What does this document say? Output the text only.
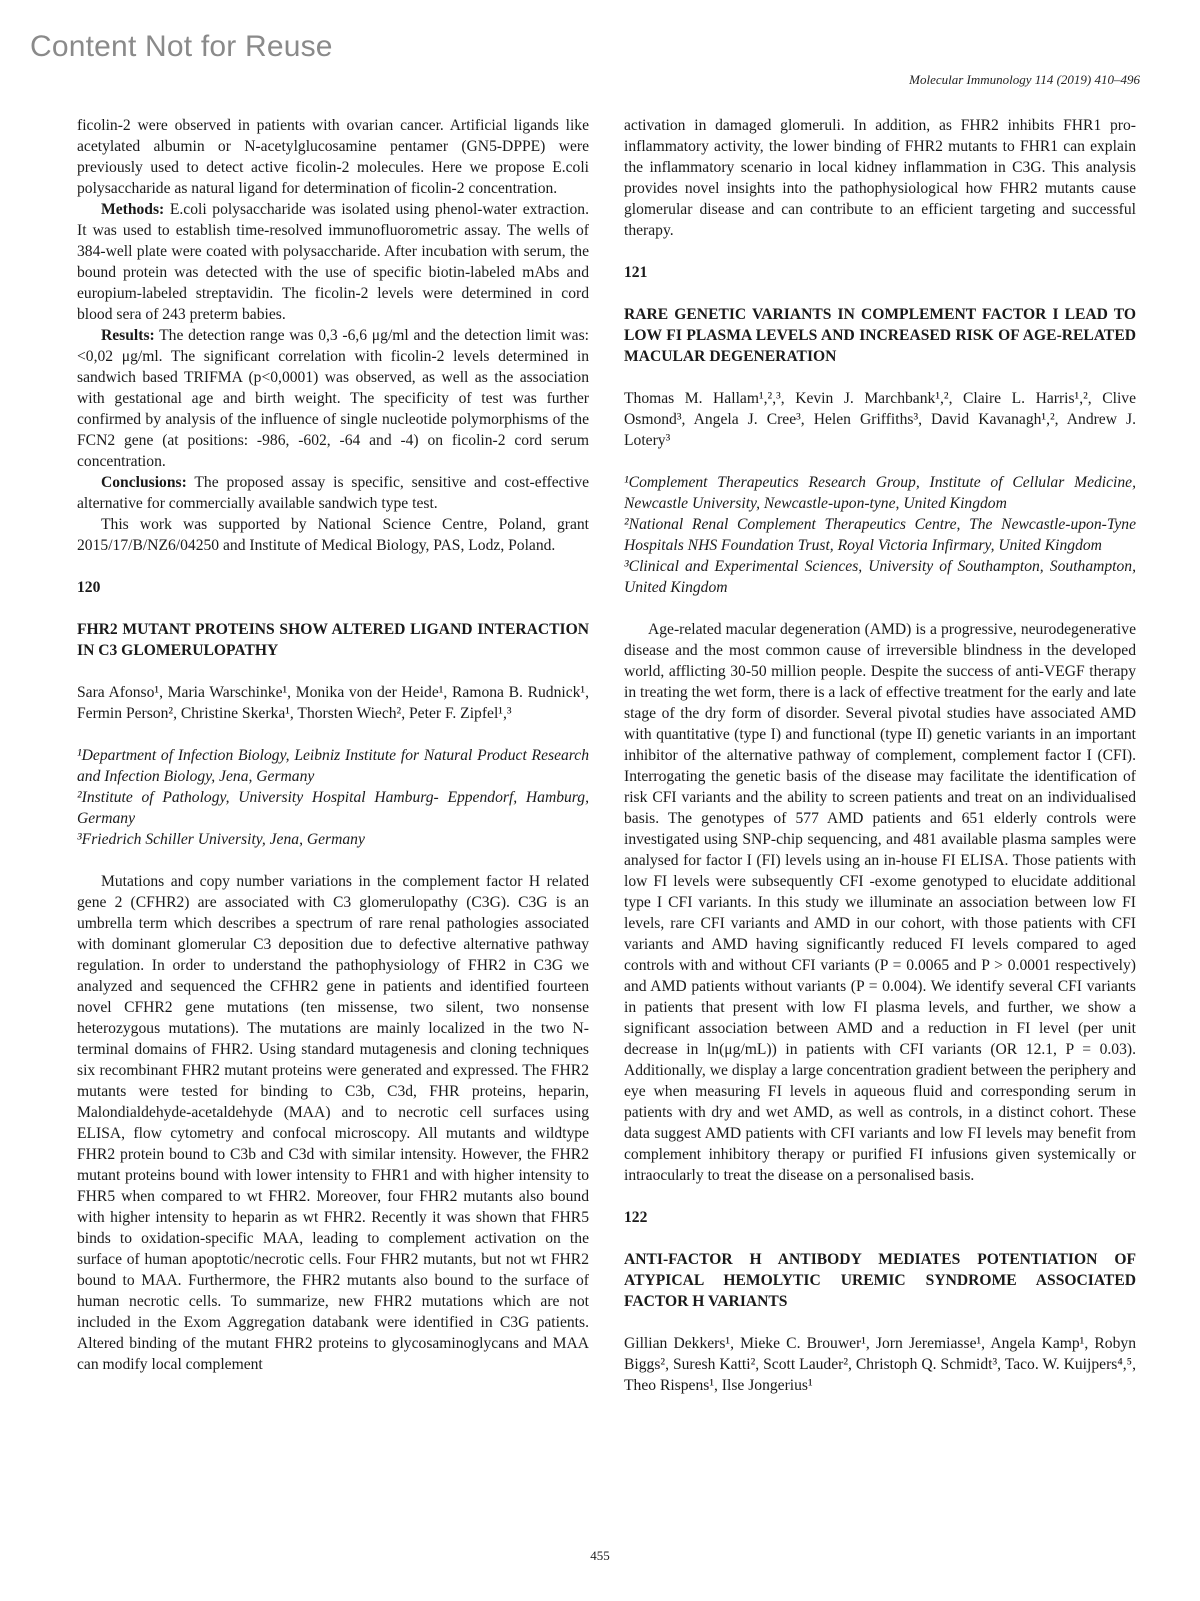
Content Not for Reuse
Molecular Immunology 114 (2019) 410–496

ficolin-2 were observed in patients with ovarian cancer. Artificial ligands like acetylated albumin or N-acetylglucosamine pentamer (GN5-DPPE) were previously used to detect active ficolin-2 molecules. Here we propose E.coli polysaccharide as natural ligand for determination of ficolin-2 concentration.

Methods: E.coli polysaccharide was isolated using phenol-water extraction. It was used to establish time-resolved immunofluorometric assay. The wells of 384-well plate were coated with polysaccharide. After incubation with serum, the bound protein was detected with the use of specific biotin-labeled mAbs and europium-labeled streptavidin. The ficolin-2 levels were determined in cord blood sera of 243 preterm babies.

Results: The detection range was 0,3 -6,6 μg/ml and the detection limit was: <0,02 μg/ml. The significant correlation with ficolin-2 levels determined in sandwich based TRIFMA (p<0,0001) was observed, as well as the association with gestational age and birth weight. The specificity of test was further confirmed by analysis of the influence of single nucleotide polymorphisms of the FCN2 gene (at positions: -986, -602, -64 and -4) on ficolin-2 cord serum concentration.

Conclusions: The proposed assay is specific, sensitive and cost-effective alternative for commercially available sandwich type test.

This work was supported by National Science Centre, Poland, grant 2015/17/B/NZ6/04250 and Institute of Medical Biology, PAS, Lodz, Poland.

120

FHR2 MUTANT PROTEINS SHOW ALTERED LIGAND INTERACTION IN C3 GLOMERULOPATHY

Sara Afonso¹, Maria Warschinke¹, Monika von der Heide¹, Ramona B. Rudnick¹, Fermin Person², Christine Skerka¹, Thorsten Wiech², Peter F. Zipfel¹,³

¹Department of Infection Biology, Leibniz Institute for Natural Product Research and Infection Biology, Jena, Germany

²Institute of Pathology, University Hospital Hamburg- Eppendorf, Hamburg, Germany

³Friedrich Schiller University, Jena, Germany

Mutations and copy number variations in the complement factor H related gene 2 (CFHR2) are associated with C3 glomerulopathy (C3G). C3G is an umbrella term which describes a spectrum of rare renal pathologies associated with dominant glomerular C3 deposition due to defective alternative pathway regulation. In order to understand the pathophysiology of FHR2 in C3G we analyzed and sequenced the CFHR2 gene in patients and identified fourteen novel CFHR2 gene mutations (ten missense, two silent, two nonsense heterozygous mutations). The mutations are mainly localized in the two N-terminal domains of FHR2. Using standard mutagenesis and cloning techniques six recombinant FHR2 mutant proteins were generated and expressed. The FHR2 mutants were tested for binding to C3b, C3d, FHR proteins, heparin, Malondialdehyde-acetaldehyde (MAA) and to necrotic cell surfaces using ELISA, flow cytometry and confocal microscopy. All mutants and wildtype FHR2 protein bound to C3b and C3d with similar intensity. However, the FHR2 mutant proteins bound with lower intensity to FHR1 and with higher intensity to FHR5 when compared to wt FHR2. Moreover, four FHR2 mutants also bound with higher intensity to heparin as wt FHR2. Recently it was shown that FHR5 binds to oxidation-specific MAA, leading to complement activation on the surface of human apoptotic/necrotic cells. Four FHR2 mutants, but not wt FHR2 bound to MAA. Furthermore, the FHR2 mutants also bound to the surface of human necrotic cells. To summarize, new FHR2 mutations which are not included in the Exom Aggregation databank were identified in C3G patients. Altered binding of the mutant FHR2 proteins to glycosaminoglycans and MAA can modify local complement

activation in damaged glomeruli. In addition, as FHR2 inhibits FHR1 pro-inflammatory activity, the lower binding of FHR2 mutants to FHR1 can explain the inflammatory scenario in local kidney inflammation in C3G. This analysis provides novel insights into the pathophysiological how FHR2 mutants cause glomerular disease and can contribute to an efficient targeting and successful therapy.

121

RARE GENETIC VARIANTS IN COMPLEMENT FACTOR I LEAD TO LOW FI PLASMA LEVELS AND INCREASED RISK OF AGE-RELATED MACULAR DEGENERATION

Thomas M. Hallam¹,²,³, Kevin J. Marchbank¹,², Claire L. Harris¹,², Clive Osmond³, Angela J. Cree³, Helen Griffiths³, David Kavanagh¹,², Andrew J. Lotery³

¹Complement Therapeutics Research Group, Institute of Cellular Medicine, Newcastle University, Newcastle-upon-tyne, United Kingdom

²National Renal Complement Therapeutics Centre, The Newcastle-upon-Tyne Hospitals NHS Foundation Trust, Royal Victoria Infirmary, United Kingdom

³Clinical and Experimental Sciences, University of Southampton, Southampton, United Kingdom

Age-related macular degeneration (AMD) is a progressive, neurodegenerative disease and the most common cause of irreversible blindness in the developed world, afflicting 30-50 million people. Despite the success of anti-VEGF therapy in treating the wet form, there is a lack of effective treatment for the early and late stage of the dry form of disorder. Several pivotal studies have associated AMD with quantitative (type I) and functional (type II) genetic variants in an important inhibitor of the alternative pathway of complement, complement factor I (CFI). Interrogating the genetic basis of the disease may facilitate the identification of risk CFI variants and the ability to screen patients and treat on an individualised basis. The genotypes of 577 AMD patients and 651 elderly controls were investigated using SNP-chip sequencing, and 481 available plasma samples were analysed for factor I (FI) levels using an in-house FI ELISA. Those patients with low FI levels were subsequently CFI -exome genotyped to elucidate additional type I CFI variants. In this study we illuminate an association between low FI levels, rare CFI variants and AMD in our cohort, with those patients with CFI variants and AMD having significantly reduced FI levels compared to aged controls with and without CFI variants (P = 0.0065 and P > 0.0001 respectively) and AMD patients without variants (P = 0.004). We identify several CFI variants in patients that present with low FI plasma levels, and further, we show a significant association between AMD and a reduction in FI level (per unit decrease in ln(μg/mL)) in patients with CFI variants (OR 12.1, P = 0.03). Additionally, we display a large concentration gradient between the periphery and eye when measuring FI levels in aqueous fluid and corresponding serum in patients with dry and wet AMD, as well as controls, in a distinct cohort. These data suggest AMD patients with CFI variants and low FI levels may benefit from complement inhibitory therapy or purified FI infusions given systemically or intraocularly to treat the disease on a personalised basis.

122

ANTI-FACTOR H ANTIBODY MEDIATES POTENTIATION OF ATYPICAL HEMOLYTIC UREMIC SYNDROME ASSOCIATED FACTOR H VARIANTS

Gillian Dekkers¹, Mieke C. Brouwer¹, Jorn Jeremiasse¹, Angela Kamp¹, Robyn Biggs², Suresh Katti², Scott Lauder², Christoph Q. Schmidt³, Taco. W. Kuijpers⁴,⁵, Theo Rispens¹, Ilse Jongerius¹

455
